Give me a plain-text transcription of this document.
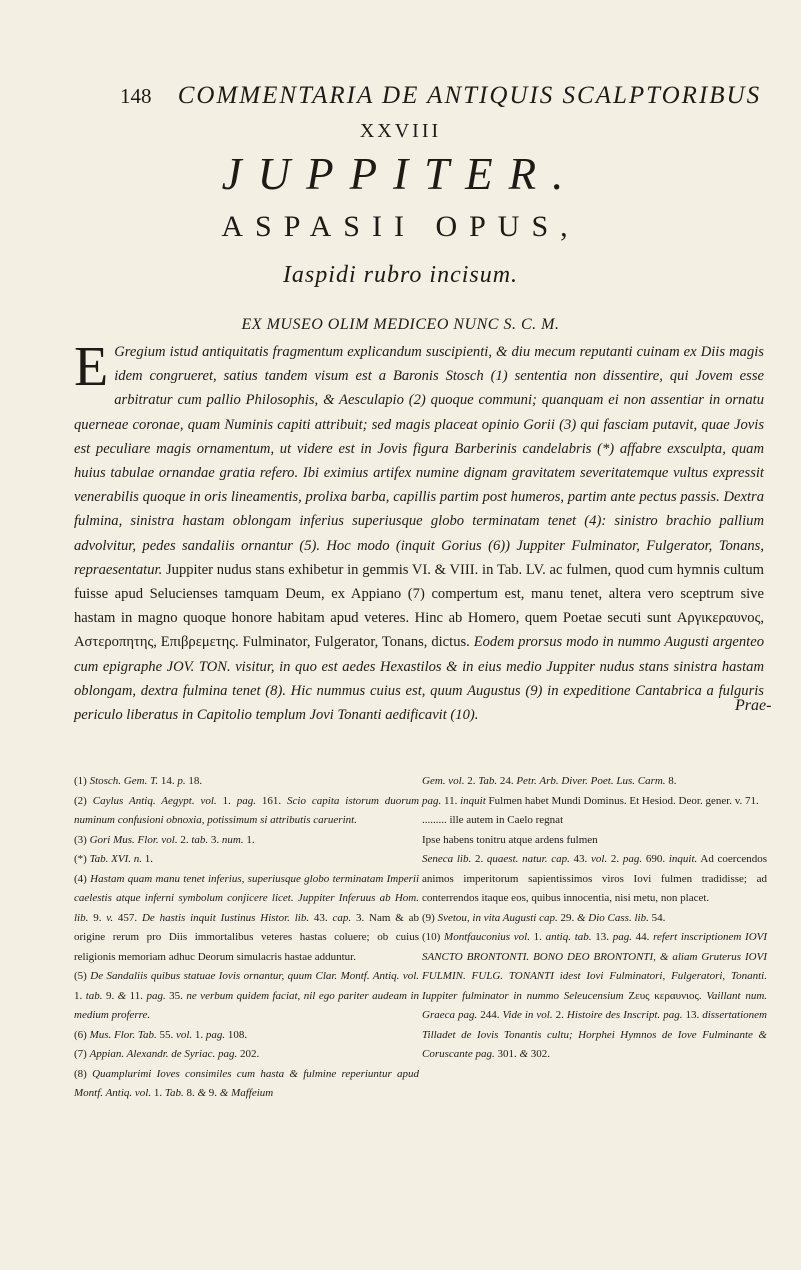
148 COMMENTARIA DE ANTIQUIS SCALPTORIBUS
XXVIII
JUPPITER.
ASPASII OPUS,
Iaspidi rubro incisum.
EX MUSEO OLIM MEDICEO NUNC S. C. M.

E Gregium istud antiquitatis fragmentum explicandum suscipienti, & diu mecum reputanti cuinam ex Diis magis idem congrueret, satius tandem visum est a Baronis Stosch (1) sententia non dissentire, qui Jovem esse arbitratur cum pallio Philosophis, & Aesculapio (2) quoque communi; quanquam ei non assentiar in ornatu querneae coronae, quam Numinis capiti attribuit; sed magis placeat opinio Gorii (3) qui fasciam putavit, quae Jovis est peculiare magis ornamentum, ut videre est in Jovis figura Barberinis candelabris (*) affabre exsculpta, quam huius tabulae ornandae gratia refero. Ibi eximius artifex numine dignam gravitatem severitatemque vultus expressit venerabilis quoque in oris lineamentis, prolixa barba, capillis partim post humeros, partim ante pectus passis. Dextra fulmina, sinistra hastam oblongam inferius superiusque globo terminatam tenet (4): sinistro brachio pallium advolvitur, pedes sandaliis ornantur (5). Hoc modo (inquit Gorius (6)) Juppiter Fulminator, Fulgerator, Tonans, repraesentatur. Juppiter nudus stans exhibetur in gemmis VI. & VIII. in Tab. LV. ac fulmen, quod cum hymnis cultum fuisse apud Selucienses tamquam Deum, ex Appiano (7) compertum est, manu tenet, altera vero sceptrum sive hastam in magno quoque honore habitam apud veteres. Hinc ab Homero, quem Poetae secuti sunt Αργικεραυνος, Αστεροπητης, Επιβρεμετης. Fulminator, Fulgerator, Tonans, dictus. Eodem prorsus modo in nummo Augusti argenteo cum epigraphe JOV. TON. visitur, in quo est aedes Hexastilos & in eius medio Juppiter nudus stans sinistra hastam oblongam, dextra fulmina tenet (8). Hic nummus cuius est, quum Augustus (9) in expeditione Cantabrica a fulguris periculo liberatus in Capitolio templum Jovi Tonanti aedificavit (10).

Prae-

(1) Stosch. Gem. T. 14. p. 18.

(2) Caylus Antiq. Aegypt. vol. 1. pag. 161. Scio capita istorum duorum numinum confusioni obnoxia, potissimum si attributis caruerint.

(3) Gori Mus. Flor. vol. 2. tab. 3. num. 1.

(*) Tab. XVI. n. 1.

(4) Hastam quam manu tenet inferius, superiusque globo terminatam Imperii caelestis atque inferni symbolum conjicere licet. Juppiter Inferuus ab Hom. lib. 9. v. 457. De hastis inquit Iustinus Histor. lib. 43. cap. 3. Nam & ab origine rerum pro Diis immortalibus veteres hastas coluere; ob cuius religionis memoriam adhuc Deorum simulacris hastae adduntur.

(5) De Sandaliis quibus statuae Iovis ornantur, quum Clar. Montf. Antiq. vol. 1. tab. 9. & 11. pag. 35. ne verbum quidem faciat, nil ego pariter audeam in medium proferre.

(6) Mus. Flor. Tab. 55. vol. 1. pag. 108.

(7) Appian. Alexandr. de Syriac. pag. 202.

(8) Quamplurimi Ioves consimiles cum hasta & fulmine reperiuntur apud Montf. Antiq. vol. 1. Tab. 8. & 9. & Maffeium

Gem. vol. 2. Tab. 24. Petr. Arb. Diver. Poet. Lus. Carm. 8.

pag. 11. inquit Fulmen habet Mundi Dominus. Et Hesiod. Deor. gener. v. 71.

......... ille autem in Caelo regnat

Ipse habens tonitru atque ardens fulmen

Seneca lib. 2. quaest. natur. cap. 43. vol. 2. pag. 690. inquit. Ad coercendos animos imperitorum sapientissimos viros Iovi fulmen tradidisse; ad conterrendos itaque eos, quibus innocentia, nisi metu, non placet.

(9) Svetou, in vita Augusti cap. 29. & Dio Cass. lib. 54.

(10) Montfauconius vol. 1. antiq. tab. 13. pag. 44. refert inscriptionem IOVI SANCTO BRONTONTI. BONO DEO BRONTONTI, & aliam Gruterus IOVI FULMIN. FULG. TONANTI idest Iovi Fulminatori, Fulgeratori, Tonanti. Iuppiter fulminator in nummo Seleucensium Ζευς κεραυνιος. Vaillant num. Graeca pag. 244. Vide in vol. 2. Histoire des Inscript. pag. 13. dissertationem Tilladet de Iovis Tonantis cultu; Horphei Hymnos de Iove Fulminante & Coruscante pag. 301. & 302.
